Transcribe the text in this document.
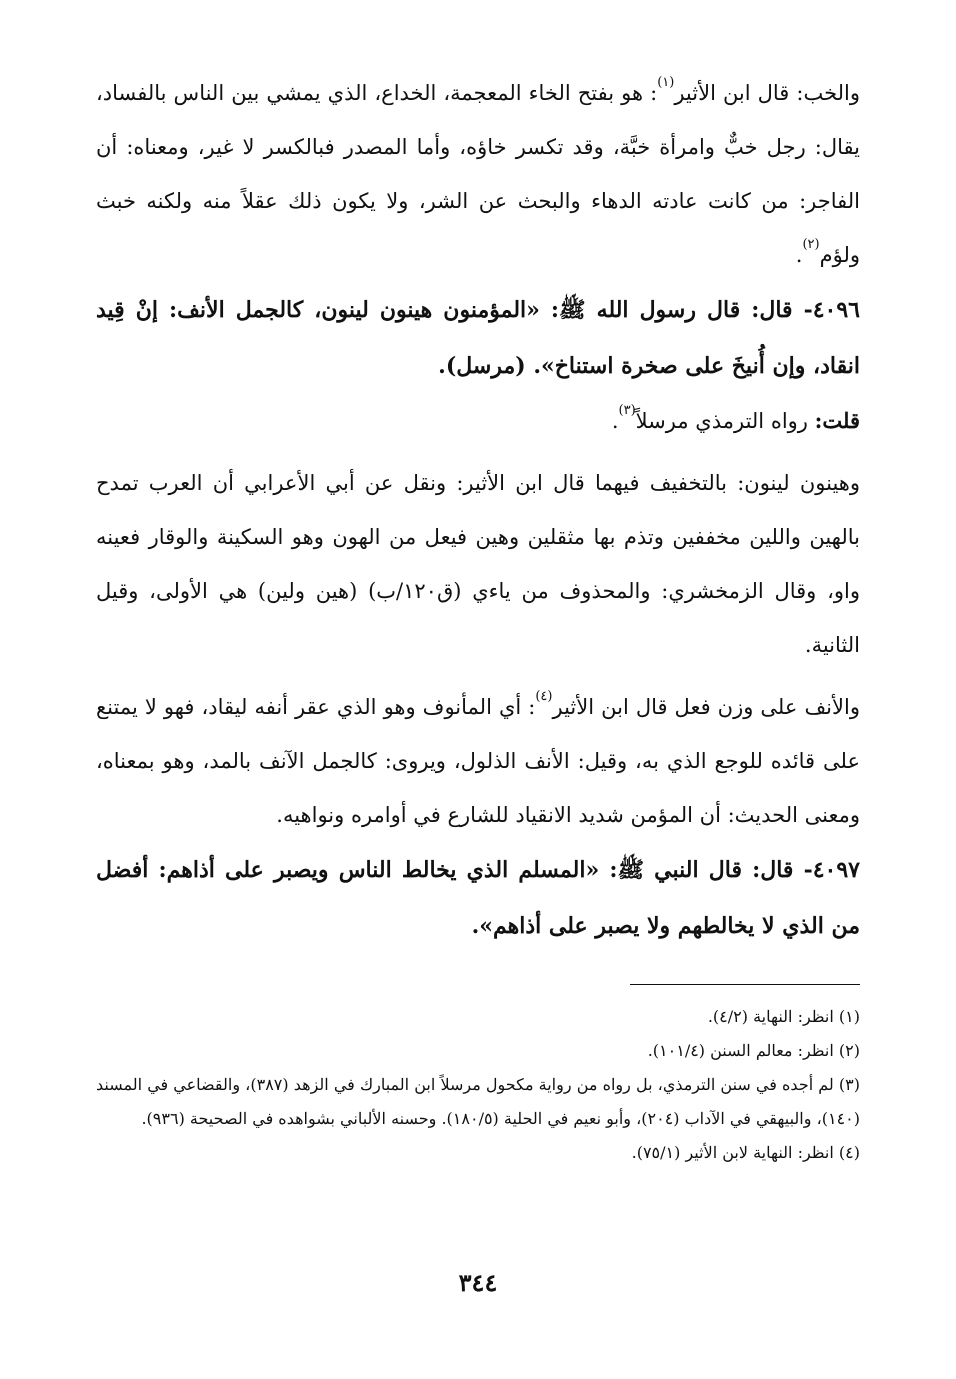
والخب: قال ابن الأثير$^{(١)}$: هو بفتح الخاء المعجمة، الخداع، الذي يمشي بين الناس بالفساد، يقال: رجل خبٌّ وامرأة خبَّة، وقد تكسر خاؤه، وأما المصدر فبالكسر لا غير، ومعناه: أن الفاجر: من كانت عادته الدهاء والبحث عن الشر، ولا يكون ذلك عقلاً منه ولكنه خبث ولؤم$^{(٢)}$.

٤٠٩٦- قال: قال رسول الله ﷺ: «المؤمنون هينون لينون، كالجمل الأنف: إنْ قِيد انقاد، وإن أُنيخَ على صخرة استناخ». (مرسل).

قلت: رواه الترمذي مرسلاً$^{(٣)}$.

وهينون لينون: بالتخفيف فيهما قال ابن الأثير: ونقل عن أبي الأعرابي أن العرب تمدح بالهين واللين مخففين وتذم بها مثقلين وهين فيعل من الهون وهو السكينة والوقار فعينه واو، وقال الزمخشري: والمحذوف من ياءي (ق١٢٠/ب) (هين ولين) هي الأولى، وقيل الثانية.

والأنف على وزن فعل قال ابن الأثير$^{(٤)}$: أي المأنوف وهو الذي عقر أنفه ليقاد، فهو لا يمتنع على قائده للوجع الذي به، وقيل: الأنف الذلول، ويروى: كالجمل الآنف بالمد، وهو بمعناه، ومعنى الحديث: أن المؤمن شديد الانقياد للشارع في أوامره ونواهيه.

٤٠٩٧- قال: قال النبي ﷺ: «المسلم الذي يخالط الناس ويصبر على أذاهم: أفضل من الذي لا يخالطهم ولا يصبر على أذاهم».

(١) انظر: النهاية (٤/٢).

(٢) انظر: معالم السنن (١٠١/٤).

(٣) لم أجده في سنن الترمذي، بل رواه من رواية مكحول مرسلاً ابن المبارك في الزهد (٣٨٧)، والقضاعي في المسند (١٤٠)، والبيهقي في الآداب (٢٠٤)، وأبو نعيم في الحلية (١٨٠/٥). وحسنه الألباني بشواهده في الصحيحة (٩٣٦).

(٤) انظر: النهاية لابن الأثير (٧٥/١).

٣٤٤
